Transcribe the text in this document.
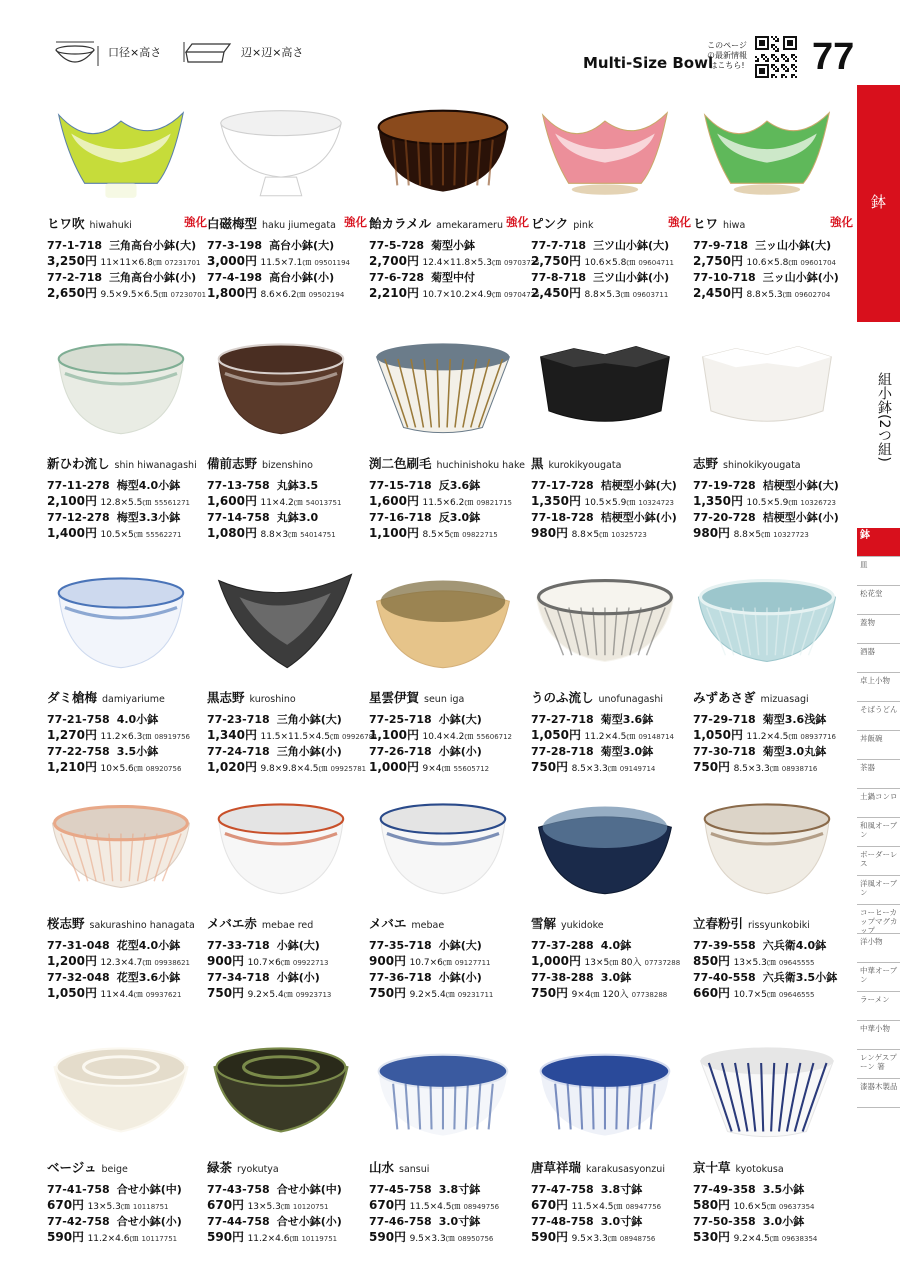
口径×高さ	辺×辺×高さ
Multi-Size Bowl
このページの最新情報はこちら! 77
鉢
組小鉢(2つ組)
鉢
皿
松花堂
蓋物
酒器
卓上小物
そばうどん
丼飯碗
茶器
土鍋コンロ
和風オーブン
ボーダーレス
洋風オーブン
コーヒーカップマグカップ
洋小物
中華オーブン
ラーメン
中華小物
レンゲスプーン 箸
漆器木製品
ヒワ吹 hiwahuki	強化
77-1-718 三角高台小鉢(大)
3,250円 11×11×6.8㎝ 07231701
77-2-718 三角高台小鉢(小)
2,650円 9.5×9.5×6.5㎝ 07230701
白磁梅型 haku jiumegata 強化
77-3-198 高台小鉢(大)
3,000円 11.5×7.1㎝ 09501194
77-4-198 高台小鉢(小)
1,800円 8.6×6.2㎝ 09502194
飴カラメル amekarameru 強化
77-5-728 菊型小鉢
2,700円 12.4×11.8×5.3㎝ 09703725
77-6-728 菊型中付
2,210円 10.7×10.2×4.9㎝ 09704725
ピンク pink	強化
77-7-718 三ツ山小鉢(大)
2,750円 10.6×5.8㎝ 09604711
77-8-718 三ツ山小鉢(小)
2,450円 8.8×5.3㎝ 09603711
ヒワ hiwa	強化
77-9-718 三ッ山小鉢(大)
2,750円 10.6×5.8㎝ 09601704
77-10-718 三ッ山小鉢(小)
2,450円 8.8×5.3㎝ 09602704
新ひわ流し shin hiwanagashi
77-11-278 梅型4.0小鉢
2,100円 12.8×5.5㎝ 55561271
77-12-278 梅型3.3小鉢
1,400円 10.5×5㎝ 55562271
備前志野 bizenshino
77-13-758 丸鉢3.5
1,600円 11×4.2㎝ 54013751
77-14-758 丸鉢3.0
1,080円 8.8×3㎝ 54014751
渕二色刷毛 huchinishoku hake
77-15-718 反3.6鉢
1,600円 11.5×6.2㎝ 09821715
77-16-718 反3.0鉢
1,100円 8.5×5㎝ 09822715
黒 kurokikyougata
77-17-728 桔梗型小鉢(大)
1,350円 10.5×5.9㎝ 10324723
77-18-728 桔梗型小鉢(小)
980円 8.8×5㎝ 10325723
志野 shinokikyougata
77-19-728 桔梗型小鉢(大)
1,350円 10.5×5.9㎝ 10326723
77-20-728 桔梗型小鉢(小)
980円 8.8×5㎝ 10327723
ダミ槍梅 damiyariume
77-21-758 4.0小鉢
1,270円 11.2×6.3㎝ 08919756
77-22-758 3.5小鉢
1,210円 10×5.6㎝ 08920756
黒志野 kuroshino
77-23-718 三角小鉢(大)
1,340円 11.5×11.5×4.5㎝ 09926781
77-24-718 三角小鉢(小)
1,020円 9.8×9.8×4.5㎝ 09925781
星雲伊賀 seun iga
77-25-718 小鉢(大)
1,100円 10.4×4.2㎝ 55606712
77-26-718 小鉢(小)
1,000円 9×4㎝ 55605712
うのふ流し unofunagashi
77-27-718 菊型3.6鉢
1,050円 11.2×4.5㎝ 09148714
77-28-718 菊型3.0鉢
750円 8.5×3.3㎝ 09149714
みずあさぎ mizuasagi
77-29-718 菊型3.6浅鉢
1,050円 11.2×4.5㎝ 08937716
77-30-718 菊型3.0丸鉢
750円 8.5×3.3㎝ 08938716
桜志野 sakurashino hanagata
77-31-048 花型4.0小鉢
1,200円 12.3×4.7㎝ 09938621
77-32-048 花型3.6小鉢
1,050円 11×4.4㎝ 09937621
メバエ赤 mebae red
77-33-718 小鉢(大)
900円 10.7×6㎝ 09922713
77-34-718 小鉢(小)
750円 9.2×5.4㎝ 09923713
メバエ mebae
77-35-718 小鉢(大)
900円 10.7×6㎝ 09127711
77-36-718 小鉢(小)
750円 9.2×5.4㎝ 09231711
雪解 yukidoke
77-37-288 4.0鉢
1,000円 13×5㎝ 80入 07737288
77-38-288 3.0鉢
750円 9×4㎝ 120入 07738288
立春粉引 rissyunkobiki
77-39-558 六兵衛4.0鉢
850円 13×5.3㎝ 09645555
77-40-558 六兵衛3.5小鉢
660円 10.7×5㎝ 09646555
ベージュ beige
77-41-758 合せ小鉢(中)
670円 13×5.3㎝ 10118751
77-42-758 合せ小鉢(小)
590円 11.2×4.6㎝ 10117751
緑茶 ryokutya
77-43-758 合せ小鉢(中)
670円 13×5.3㎝ 10120751
77-44-758 合せ小鉢(小)
590円 11.2×4.6㎝ 10119751
山水 sansui
77-45-758 3.8寸鉢
670円 11.5×4.5㎝ 08949756
77-46-758 3.0寸鉢
590円 9.5×3.3㎝ 08950756
唐草祥瑞 karakusasyonzui
77-47-758 3.8寸鉢
670円 11.5×4.5㎝ 08947756
77-48-758 3.0寸鉢
590円 9.5×3.3㎝ 08948756
京十草 kyotokusa
77-49-358 3.5小鉢
580円 10.6×5㎝ 09637354
77-50-358 3.0小鉢
530円 9.2×4.5㎝ 09638354
